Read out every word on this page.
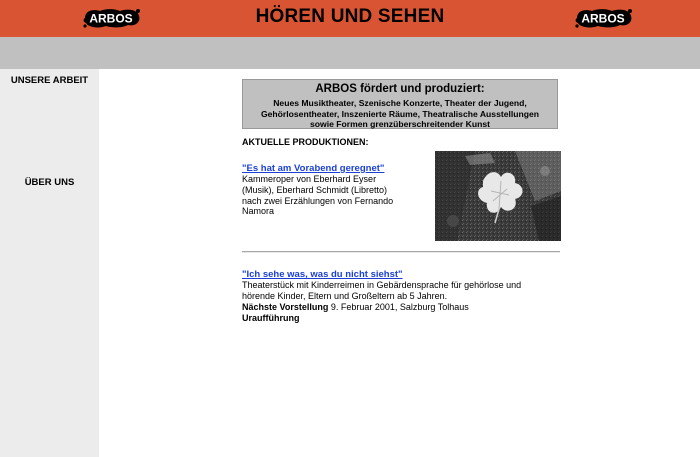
ARBOS	HÖREN UND SEHEN	ARBOS
UNSERE ARBEIT
ÜBER UNS
ARBOS fördert und produziert:
Neues Musiktheater, Szenische Konzerte, Theater der Jugend,
Gehörlosentheater, Inszenierte Räume, Theatralische Ausstellungen
sowie Formen grenzüberschreitender Kunst
AKTUELLE PRODUKTIONEN:
"Es hat am Vorabend geregnet"
Kammeroper von Eberhard Eyser
(Musik), Eberhard Schmidt (Libretto)
nach zwei Erzählungen von Fernando
Namora
"Ich sehe was, was du nicht siehst"
Theaterstück mit Kinderreimen in Gebärdensprache für gehörlose und
hörende Kinder, Eltern und Großeltern ab 5 Jahren.
Nächste Vorstellung 9. Februar 2001, Salzburg Tolhaus
Uraufführung
